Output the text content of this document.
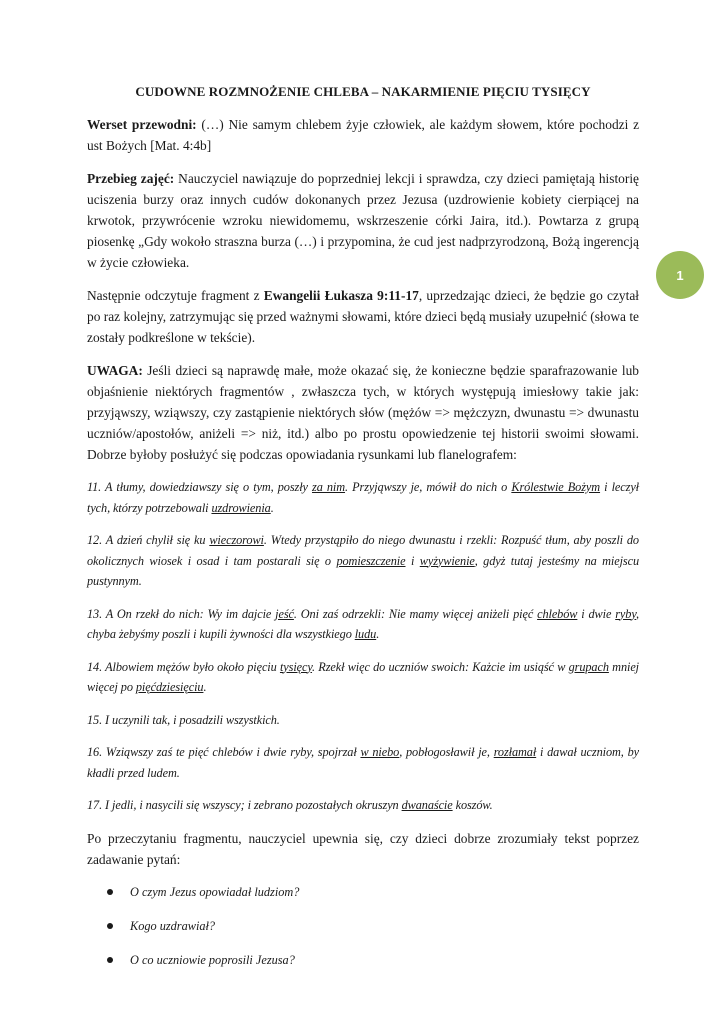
1
CUDOWNE ROZMNOŻENIE CHLEBA – NAKARMIENIE PIĘCIU TYSIĘCY

Werset przewodni: (…) Nie samym chlebem żyje człowiek, ale każdym słowem, które pochodzi z ust Bożych [Mat. 4:4b]

Przebieg zajęć: Nauczyciel nawiązuje do poprzedniej lekcji i sprawdza, czy dzieci pamiętają historię uciszenia burzy oraz innych cudów dokonanych przez Jezusa (uzdrowienie kobiety cierpiącej na krwotok, przywrócenie wzroku niewidomemu, wskrzeszenie córki Jaira, itd.). Powtarza z grupą piosenkę „Gdy wokoło straszna burza (…) i przypomina, że cud jest nadprzyrodzoną, Bożą ingerencją w życie człowieka.

Następnie odczytuje fragment z Ewangelii Łukasza 9:11-17, uprzedzając dzieci, że będzie go czytał po raz kolejny, zatrzymując się przed ważnymi słowami, które dzieci będą musiały uzupełnić (słowa te zostały podkreślone w tekście).

UWAGA: Jeśli dzieci są naprawdę małe, może okazać się, że konieczne będzie sparafrazowanie lub objaśnienie niektórych fragmentów , zwłaszcza tych, w których występują imiesłowy takie jak: przyjąwszy, wziąwszy, czy zastąpienie niektórych słów (mężów => mężczyzn, dwunastu => dwunastu uczniów/apostołów, aniżeli => niż, itd.) albo po prostu opowiedzenie tej historii swoimi słowami. Dobrze byłoby posłużyć się podczas opowiadania rysunkami lub flanelografem:

11. A tłumy, dowiedziawszy się o tym, poszły za nim. Przyjąwszy je, mówił do nich o Królestwie Bożym i leczył tych, którzy potrzebowali uzdrowienia.

12. A dzień chylił się ku wieczorowi. Wtedy przystąpiło do niego dwunastu i rzekli: Rozpuść tłum, aby poszli do okolicznych wiosek i osad i tam postarali się o pomieszczenie i wyżywienie, gdyż tutaj jesteśmy na miejscu pustynnym.

13. A On rzekł do nich: Wy im dajcie jeść. Oni zaś odrzekli: Nie mamy więcej aniżeli pięć chlebów i dwie ryby, chyba żebyśmy poszli i kupili żywności dla wszystkiego ludu.

14. Albowiem mężów było około pięciu tysięcy. Rzekł więc do uczniów swoich: Każcie im usiąść w grupach mniej więcej po pięćdziesięciu.

15. I uczynili tak, i posadzili wszystkich.

16. Wziąwszy zaś te pięć chlebów i dwie ryby, spojrzał w niebo, pobłogosławił je, rozłamał i dawał uczniom, by kładli przed ludem.

17. I jedli, i nasycili się wszyscy; i zebrano pozostałych okruszyn dwanaście koszów.

Po przeczytaniu fragmentu, nauczyciel upewnia się, czy dzieci dobrze zrozumiały tekst poprzez zadawanie pytań:

O czym Jezus opowiadał ludziom?
Kogo uzdrawiał?
O co uczniowie poprosili Jezusa?
